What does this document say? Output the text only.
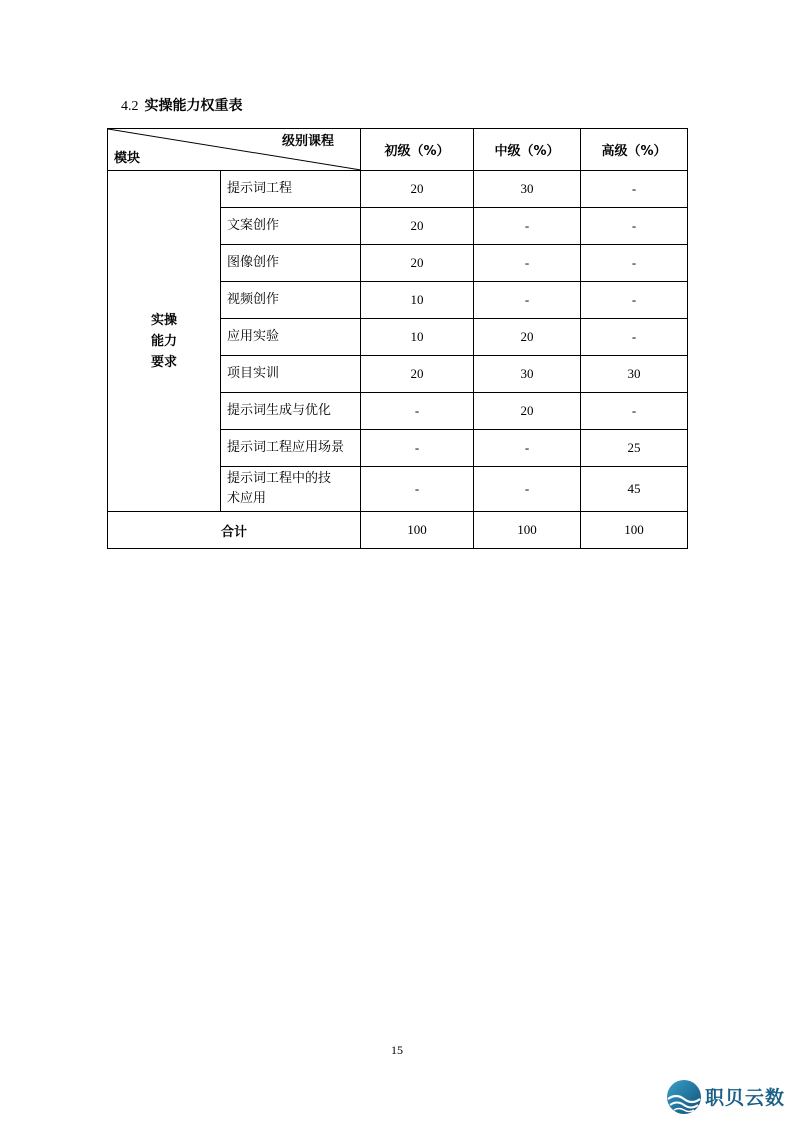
4.2 实操能力权重表
级别课程
模块		初级（%）	中级（%）	高级（%）

实操
能力
要求	提示词工程	20	30	-
	文案创作	20	-	-
	图像创作	20	-	-
	视频创作	10	-	-
	应用实验	10	20	-
	项目实训	20	30	30
	提示词生成与优化	-	20	-
	提示词工程应用场景	-	-	25
	提示词工程中的技
术应用	-	-	45
合计		100	100	100
15
职贝云数
